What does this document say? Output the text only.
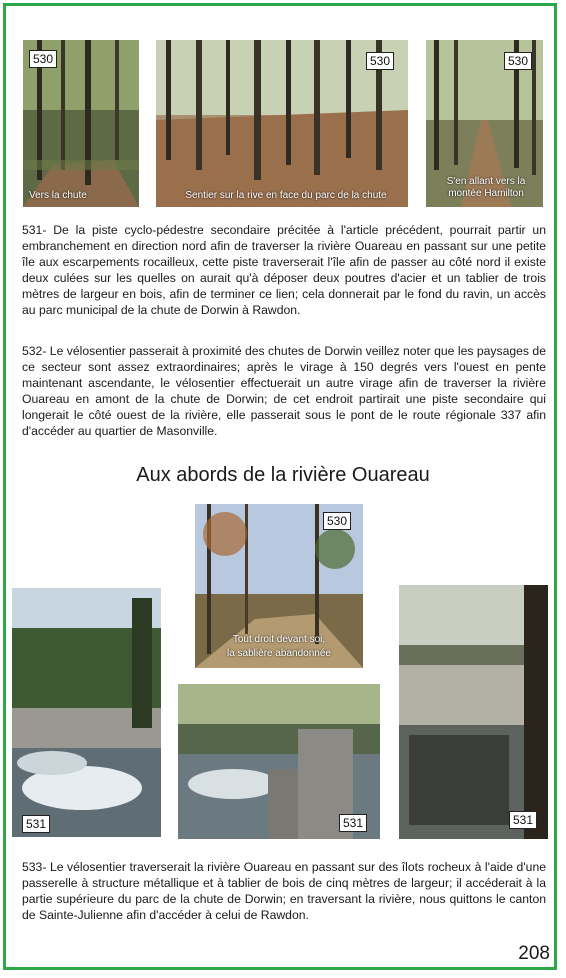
530
Vers la chute
530
Sentier sur la rive en face du parc de la chute
530
S'en allant vers la montée Hamilton

531- De la piste cyclo-pédestre secondaire précitée à l'article précédent, pourrait partir un embranchement en direction nord afin de traverser la rivière Ouareau en passant sur une petite île aux escarpements rocailleux, cette piste traverserait l'île afin de passer au côté nord il existe deux culées sur les quelles on aurait qu'à déposer deux poutres d'acier et un tablier de trois mètres de largeur en bois, afin de terminer ce lien; cela donnerait par le fond du ravin, un accès au parc municipal de la chute de Dorwin à Rawdon.

532- Le vélosentier passerait à proximité des chutes de Dorwin veillez noter que les paysages de ce secteur sont assez extraordinaires; après le virage à 150 degrés vers l'ouest en pente maintenant ascendante, le vélosentier effectuerait un autre virage afin de traverser la rivière Ouareau en amont de la chute de Dorwin; de cet endroit partirait une piste secondaire qui longerait le côté ouest de la rivière, elle passerait sous le pont de le route régionale 337 afin d'accéder au quartier de Masonville.

Aux abords de la rivière Ouareau
530
Tout droit devant soi,
la sablière abandonnée
531	531	531

533- Le vélosentier traverserait la rivière Ouareau en passant sur des îlots rocheux à l'aide d'une passerelle à structure métallique et à tablier de bois de cinq mètres de largeur; il accéderait à la partie supérieure du parc de la chute de Dorwin; en traversant la rivière, nous quittons le canton de Sainte-Julienne afin d'accéder à celui de Rawdon.

208
